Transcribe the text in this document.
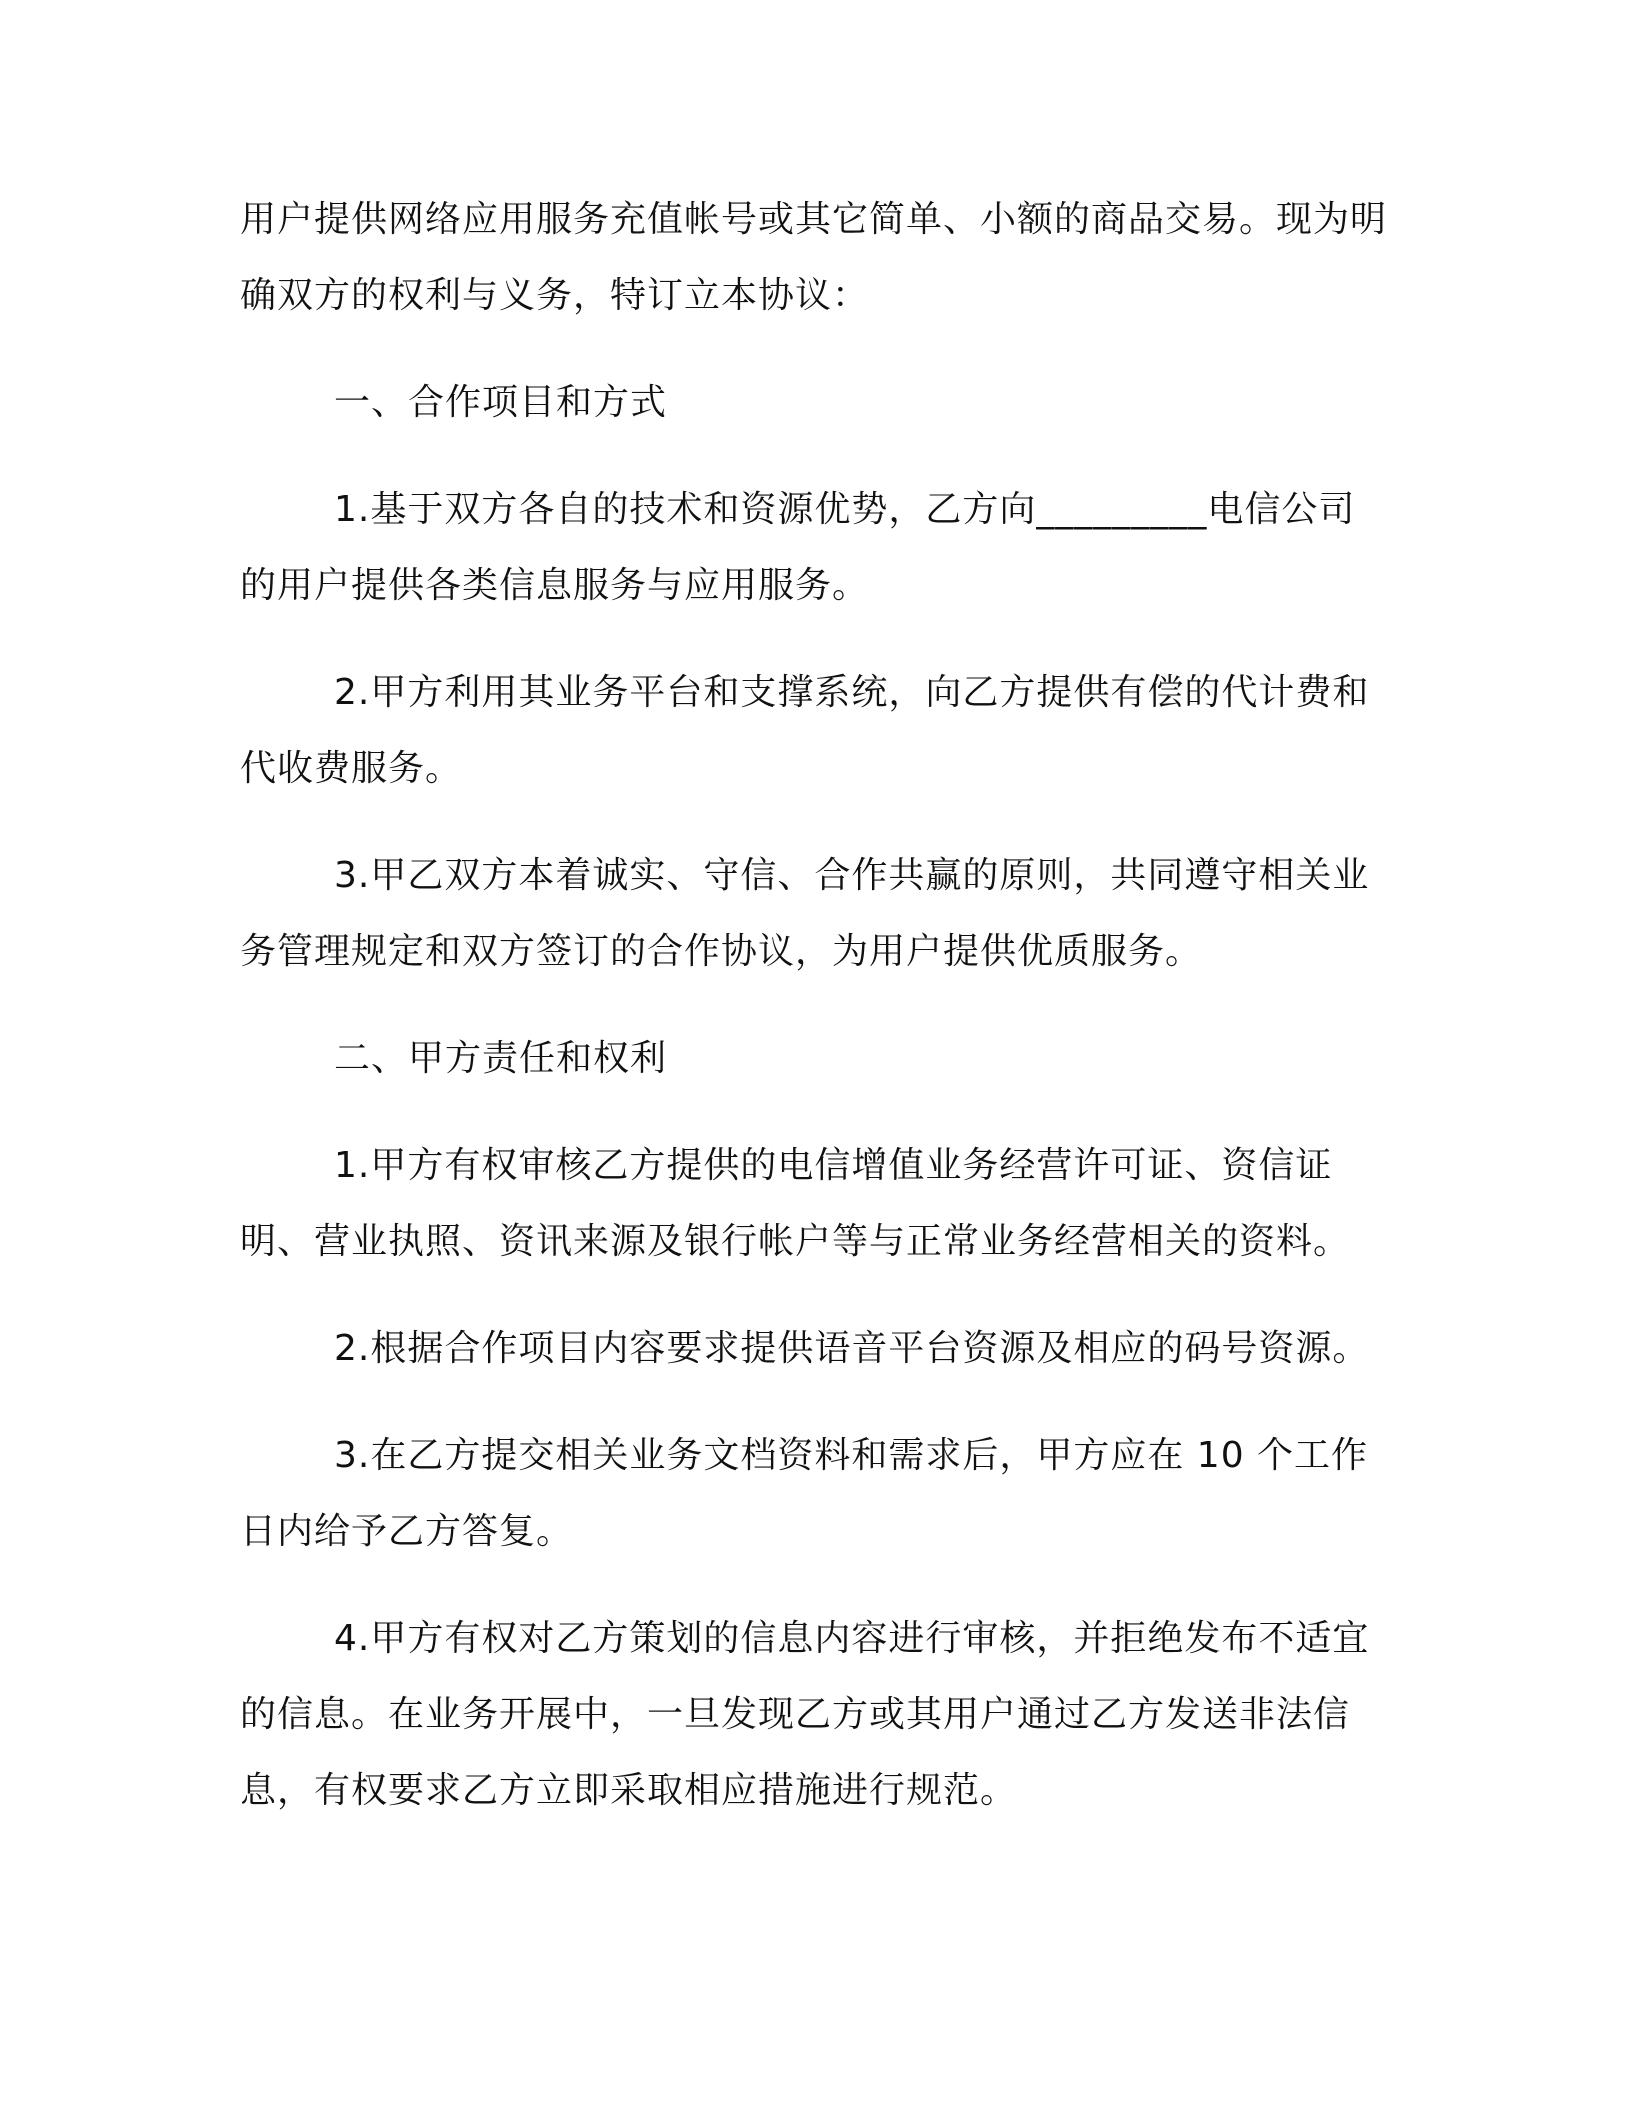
用户提供网络应用服务充值帐号或其它简单、小额的商品交易。现为明确双方的权利与义务，特订立本协议：

一、合作项目和方式

1.基于双方各自的技术和资源优势，乙方向_________电信公司的用户提供各类信息服务与应用服务。

2.甲方利用其业务平台和支撑系统，向乙方提供有偿的代计费和代收费服务。

3.甲乙双方本着诚实、守信、合作共赢的原则，共同遵守相关业务管理规定和双方签订的合作协议，为用户提供优质服务。

二、甲方责任和权利

1.甲方有权审核乙方提供的电信增值业务经营许可证、资信证明、营业执照、资讯来源及银行帐户等与正常业务经营相关的资料。

2.根据合作项目内容要求提供语音平台资源及相应的码号资源。

3.在乙方提交相关业务文档资料和需求后，甲方应在 10 个工作日内给予乙方答复。

4.甲方有权对乙方策划的信息内容进行审核，并拒绝发布不适宜的信息。在业务开展中，一旦发现乙方或其用户通过乙方发送非法信息，有权要求乙方立即采取相应措施进行规范。
